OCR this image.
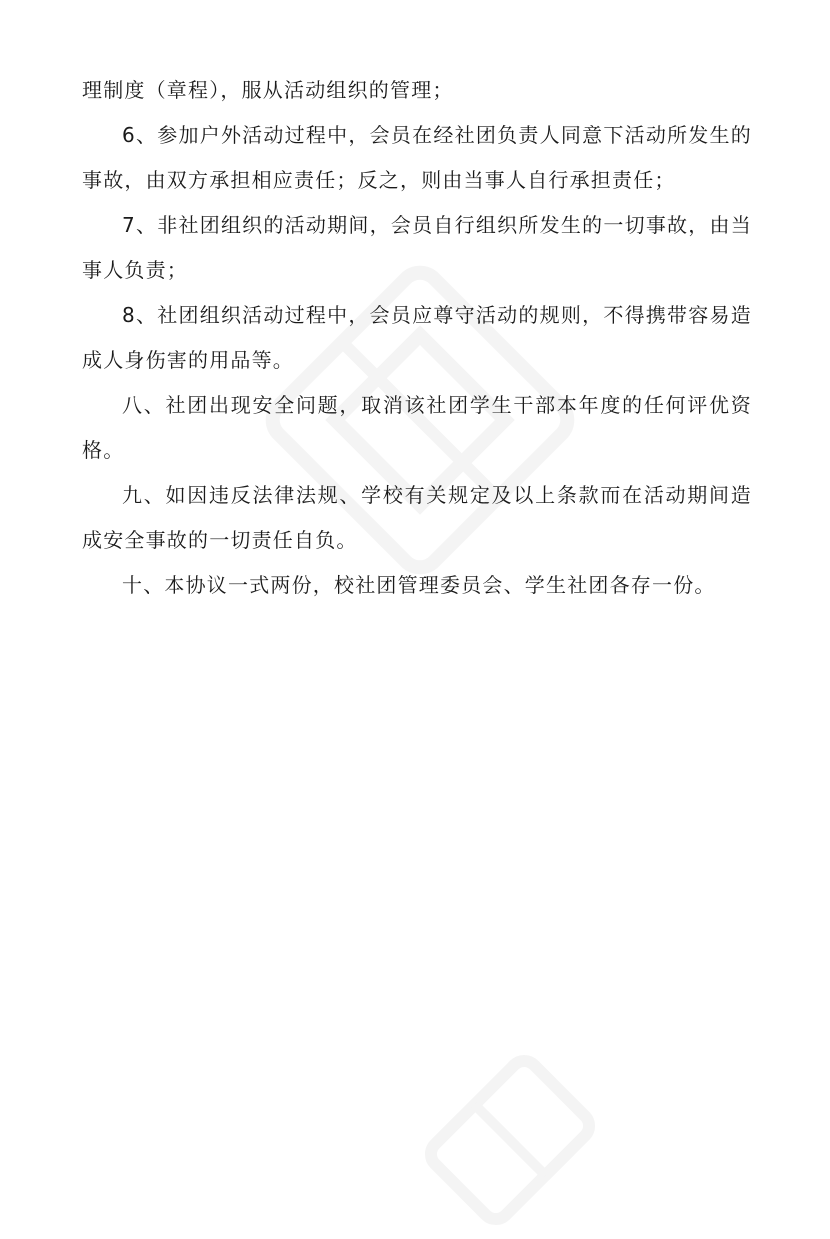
理制度（章程），服从活动组织的管理；

6、参加户外活动过程中，会员在经社团负责人同意下活动所发生的事故，由双方承担相应责任；反之，则由当事人自行承担责任；

7、非社团组织的活动期间，会员自行组织所发生的一切事故，由当事人负责；

8、社团组织活动过程中，会员应尊守活动的规则，不得携带容易造成人身伤害的用品等。

八、社团出现安全问题，取消该社团学生干部本年度的任何评优资格。

九、如因违反法律法规、学校有关规定及以上条款而在活动期间造成安全事故的一切责任自负。

十、本协议一式两份，校社团管理委员会、学生社团各存一份。
